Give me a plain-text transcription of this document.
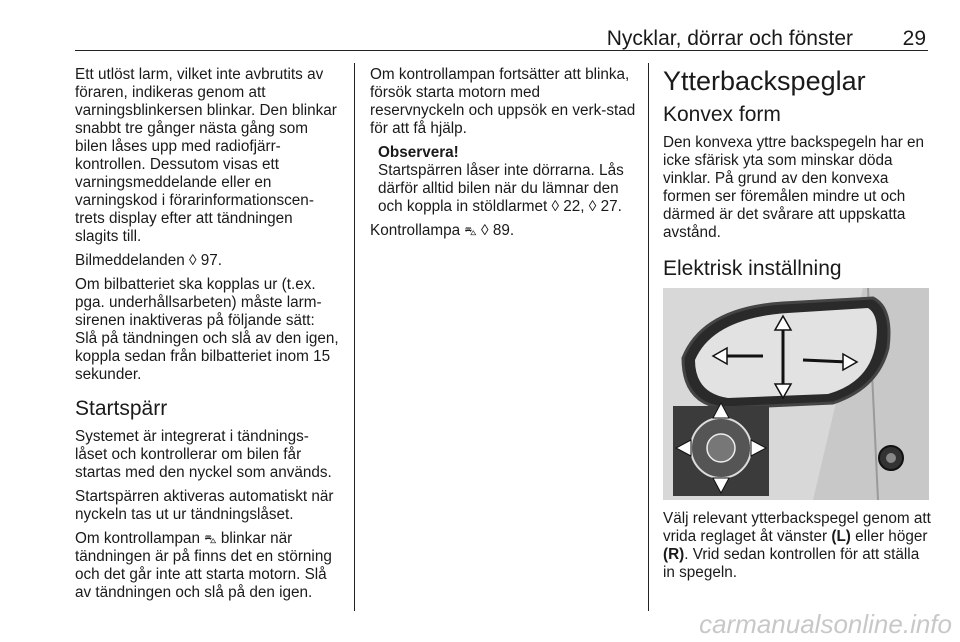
Nycklar, dörrar och fönster 29

Ett utlöst larm, vilket inte avbrutits av föraren, indikeras genom att varningsblinkersen blinkar. Den blinkar snabbt tre gånger nästa gång som bilen låses upp med radiofjärr-kontrollen. Dessutom visas ett varningsmeddelande eller en varningskod i förarinformationscen-trets display efter att tändningen slagits till.

Bilmeddelanden ◊ 97.

Om bilbatteriet ska kopplas ur (t.ex. pga. underhållsarbeten) måste larm-sirenen inaktiveras på följande sätt: Slå på tändningen och slå av den igen, koppla sedan från bilbatteriet inom 15 sekunder.

Startspärr

Systemet är integrerat i tändnings-låset och kontrollerar om bilen får startas med den nyckel som används.

Startspärren aktiveras automatiskt när nyckeln tas ut ur tändningslåset.

Om kontrollampan ⛍ blinkar när tändningen är på finns det en störning och det går inte att starta motorn. Slå av tändningen och slå på den igen.

Om kontrollampan fortsätter att blinka, försök starta motorn med reservnyckeln och uppsök en verk-stad för att få hjälp.

Observera!

Startspärren låser inte dörrarna. Lås därför alltid bilen när du lämnar den och koppla in stöldlarmet ◊ 22, ◊ 27.

Kontrollampa ⛍ ◊ 89.

Ytterbackspeglar
Konvex form

Den konvexa yttre backspegeln har en icke sfärisk yta som minskar döda vinklar. På grund av den konvexa formen ser föremålen mindre ut och därmed är det svårare att uppskatta avstånd.

Elektrisk inställning

Välj relevant ytterbackspegel genom att vrida reglaget åt vänster (L) eller höger (R). Vrid sedan kontrollen för att ställa in spegeln.

carmanualsonline.info
